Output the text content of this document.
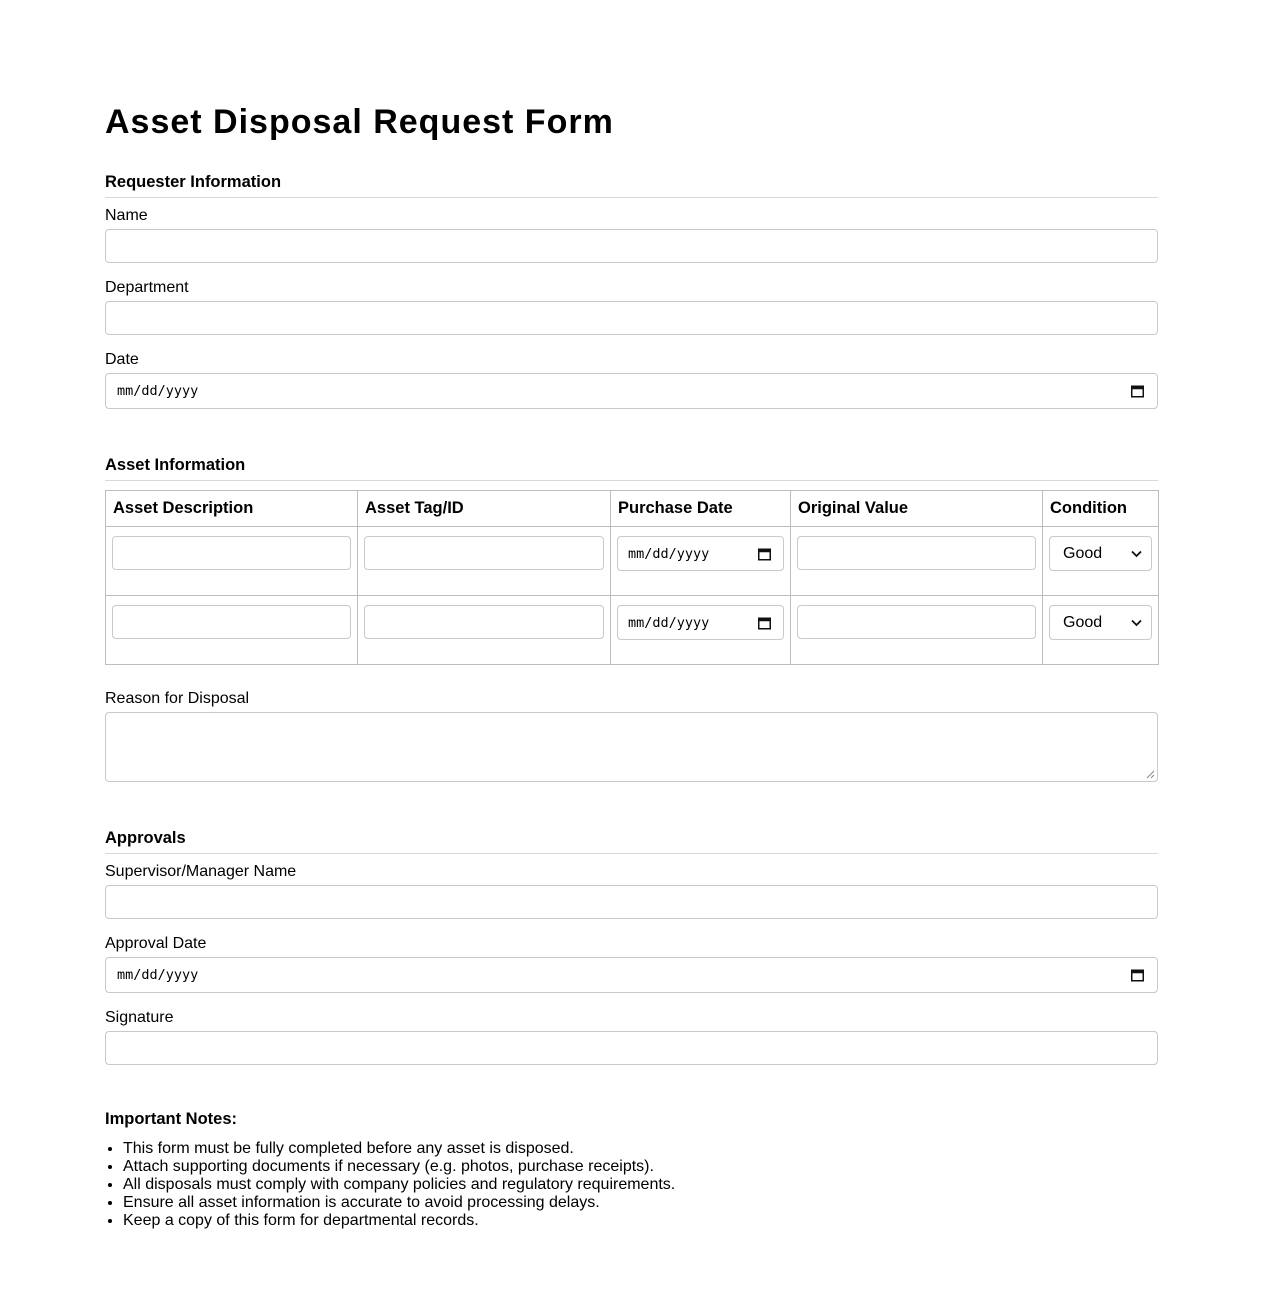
Asset Disposal Request Form
Requester Information
Name
Department
Date
mm/dd/yyyy
Asset Information
Asset Description	Asset Tag/ID	Purchase Date	Original Value	Condition

		mm/dd/yyyy		Good

		mm/dd/yyyy		Good
Reason for Disposal
Approvals
Supervisor/Manager Name
Approval Date
mm/dd/yyyy
Signature
Important Notes:
• This form must be fully completed before any asset is disposed.
• Attach supporting documents if necessary (e.g. photos, purchase receipts).
• All disposals must comply with company policies and regulatory requirements.
• Ensure all asset information is accurate to avoid processing delays.
• Keep a copy of this form for departmental records.
